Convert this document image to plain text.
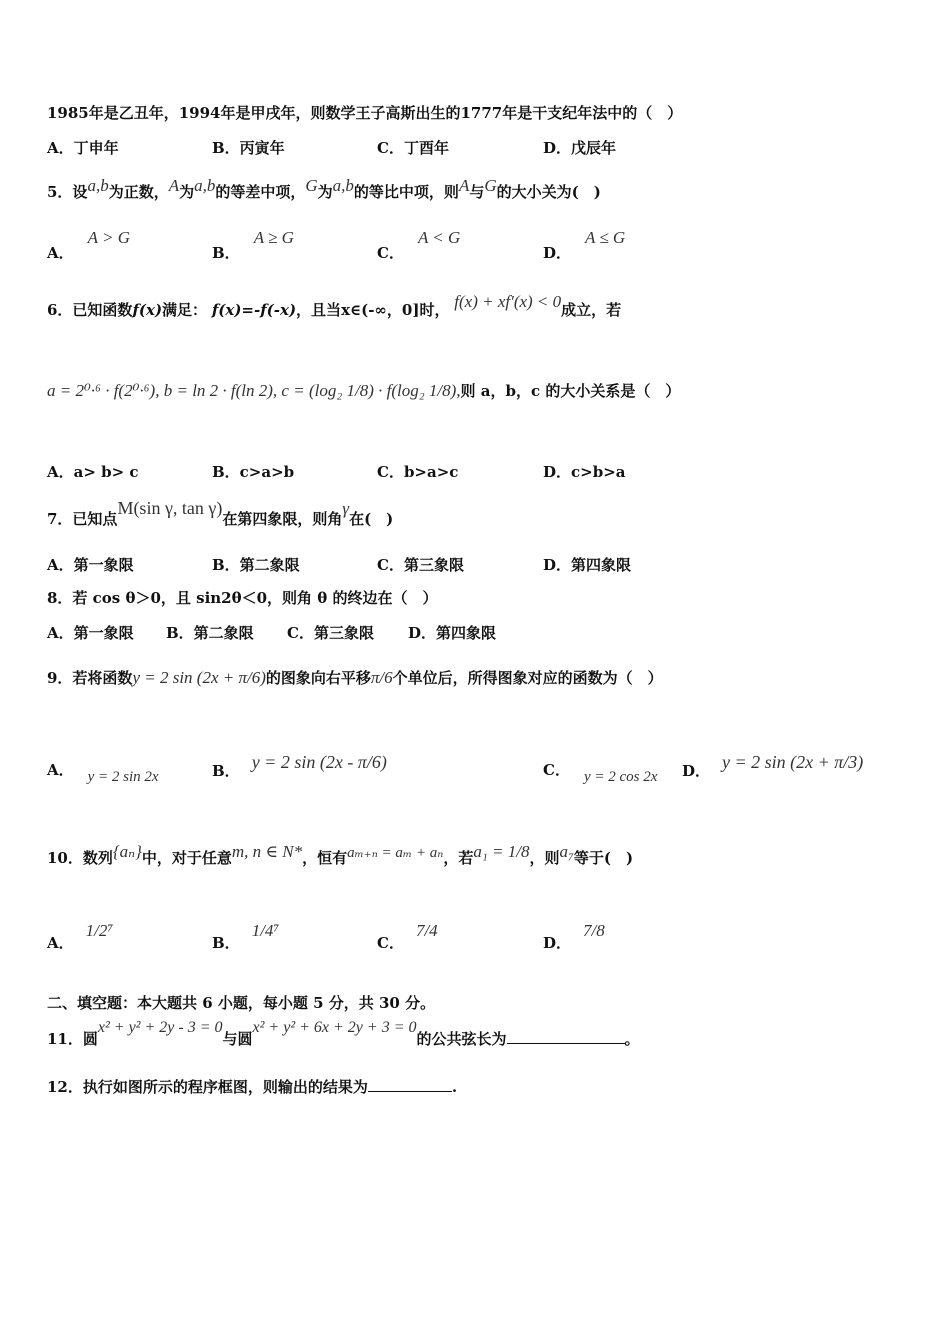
1985年是乙丑年，1994年是甲戌年，则数学王子高斯出生的1777年是干支纪年法中的（　）
A．丁申年	B．丙寅年	C．丁酉年	D．戊辰年
5．设a,b为正数，A为a,b的等差中项，G为a,b的等比中项，则A与G的大小关为(　)
A．A > G
B．A ≥ G
C．A < G
D．A ≤ G
6．已知函数f(x)满足： f(x)=-f(-x)，且当x∈(-∞，0]时， f(x) + xf′(x) < 0成立，若
a = 2⁰·⁶ · f(2⁰·⁶), b = ln 2 · f(ln 2), c = (log₂ 1/8) · f(log₂ 1/8),则 a，b，c 的大小关系是（　）
A．a> b> c	B．c>a>b	C．b>a>c	D．c>b>a
7．已知点M(sin γ, tan γ)在第四象限，则角γ在(　)
A．第一象限	B．第二象限	C．第三象限	D．第四象限
8．若 cos θ＞0，且 sin2θ＜0，则角 θ 的终边在（　）
A．第一象限 B．第二象限 C．第三象限 D．第四象限
9．若将函数y = 2 sin (2x + π/6)的图象向右平移π/6个单位后，所得图象对应的函数为（　）
A． y = 2 sin 2x	B． y = 2 sin (2x - π/6)	C． y = 2 cos 2x D． y = 2 sin (2x + π/3)
10．数列{aₙ}中，对于任意m, n ∈ N*，恒有aₘ₊ₙ = aₘ + aₙ，若a₁ = 1/8，则a₇等于(　)
A．1/2⁷
B．1/4⁷
C．7/4
D．7/8
二、填空题：本大题共 6 小题，每小题 5 分，共 30 分。
11．圆x² + y² + 2y - 3 = 0与圆x² + y² + 6x + 2y + 3 = 0的公共弦长为	。
12．执行如图所示的程序框图，则输出的结果为	.
